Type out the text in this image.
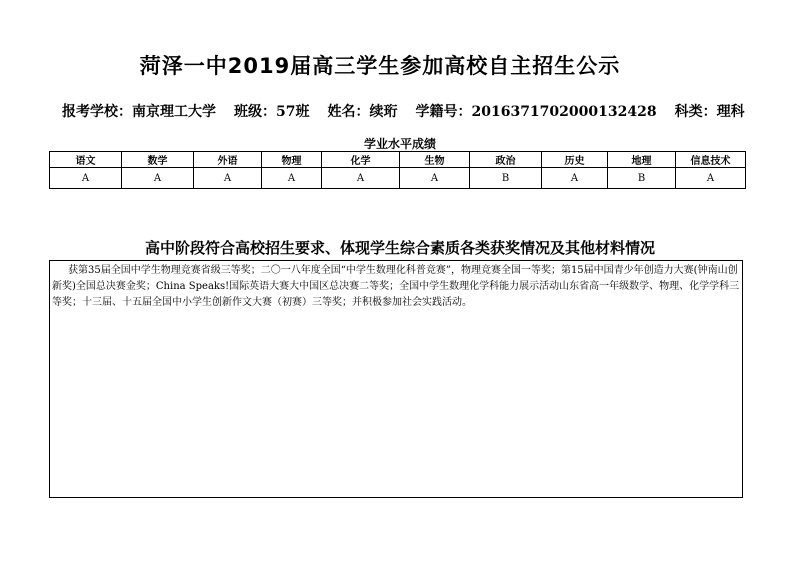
菏泽一中2019届高三学生参加高校自主招生公示
报考学校：南京理工大学 班级：57班 姓名：续珩 学籍号：2016371702000132428 科类：理科
学业水平成绩
语文	数学	外语	物理	化学	生物	政治	历史	地理	信息技术
A	A	A	A	A	A	B	A	B	A
高中阶段符合高校招生要求、体现学生综合素质各类获奖情况及其他材料情况
获第35届全国中学生物理竞赛省级三等奖；二〇一八年度全国“中学生数理化科普竞赛”，物理竞赛全国一等奖；第15届中国青少年创造力大赛(钟南山创新奖)全国总决赛金奖；China Speaks!国际英语大赛大中国区总决赛二等奖；全国中学生数理化学科能力展示活动山东省高一年级数学、物理、化学学科三等奖；十三届、十五届全国中小学生创新作文大赛（初赛）三等奖；并积极参加社会实践活动。
